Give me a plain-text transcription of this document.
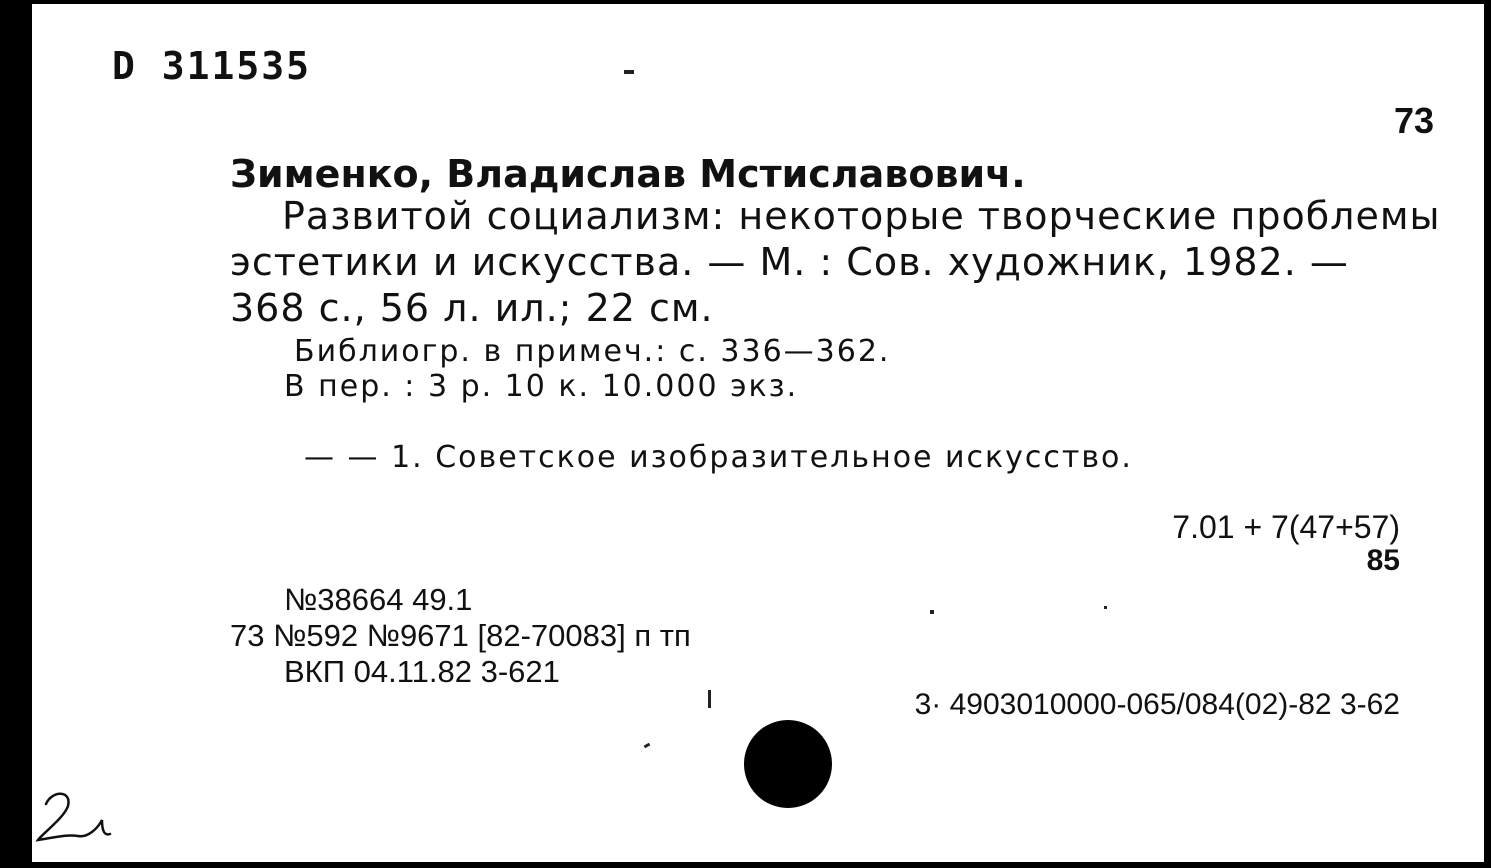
D 311535
73
Зименко, Владислав Мстиславович.
Развитой социализм: некоторые творческие проблемы
эстетики и искусства. — М. : Сов. художник, 1982. —
368 с., 56 л. ил.; 22 см.
Библиогр. в примеч.: с. 336—362.
В пер. : 3 р. 10 к. 10.000 экз.
— — 1. Советское изобразительное искусство.
7.01 + 7(47+57)
85
№38664 49.1
73 №592 №9671 [82-70083] п тп
ВКП 04.11.82 3-621
3· 4903010000-065/084(02)-82 3-62
